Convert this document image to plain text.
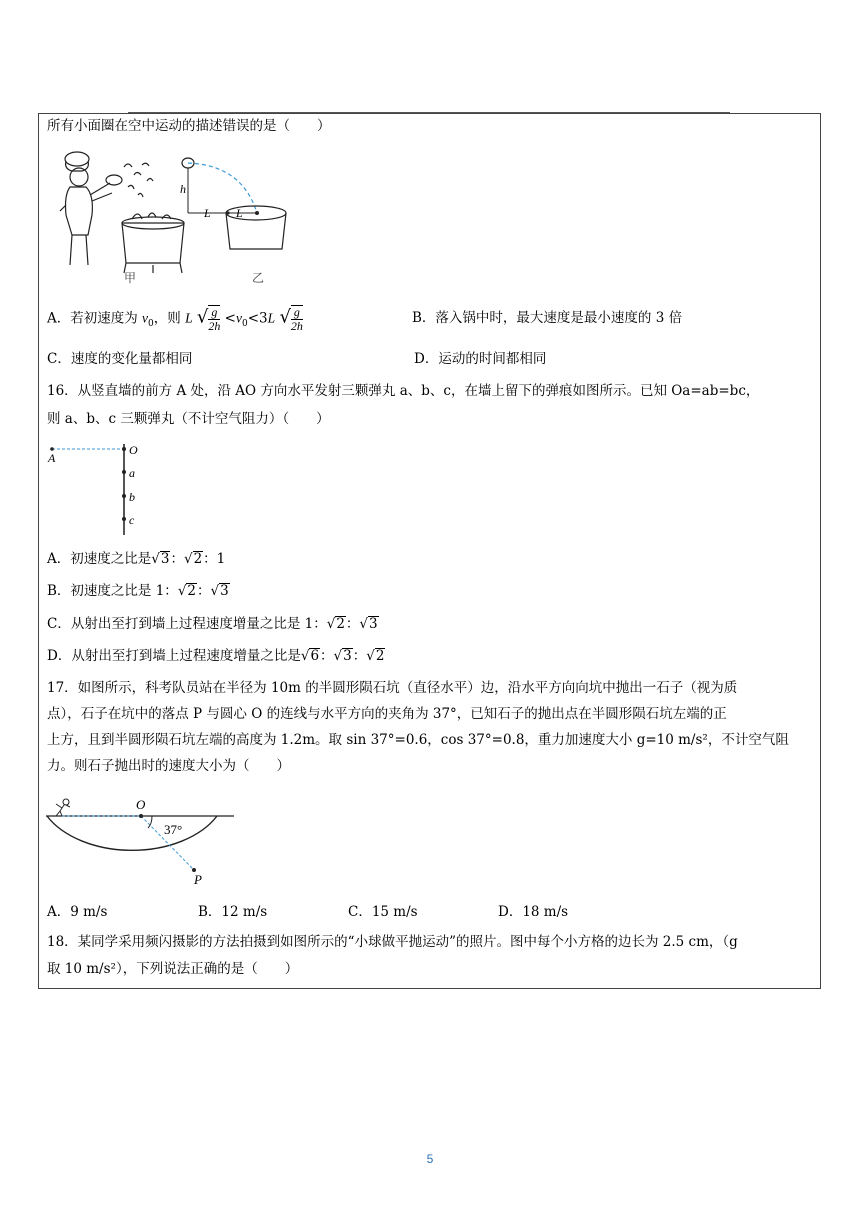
所有小面圈在空中运动的描述错误的是（　　）
h
L L
甲	乙
A．若初速度为 $v_0$，则 L √ $\frac{g}{2h} <v_0<3L$ √ $\frac{g}{2h}$	B．落入锅中时，最大速度是最小速度的 3 倍
C．速度的变化量都相同	D．运动的时间都相同
16．从竖直墙的前方 A 处，沿 AO 方向水平发射三颗弹丸 a、b、c，在墙上留下的弹痕如图所示。已知 Oa=ab=bc，
则 a、b、c 三颗弹丸（不计空气阻力）（　　）
A
O
a
b
c
A．初速度之比是√3：√2：1
B．初速度之比是 1：√2：√3
C．从射出至打到墙上过程速度增量之比是 1：√2：√3
D．从射出至打到墙上过程速度增量之比是√6：√3：√2
17．如图所示，科考队员站在半径为 10m 的半圆形陨石坑（直径水平）边，沿水平方向向坑中抛出一石子（视为质
点），石子在坑中的落点 P 与圆心 O 的连线与水平方向的夹角为 37°，已知石子的抛出点在半圆形陨石坑左端的正
上方，且到半圆形陨石坑左端的高度为 1.2m。取 sin 37°=0.6，cos 37°=0.8，重力加速度大小 g=10 m/s²，不计空气阻
力。则石子抛出时的速度大小为（　　）
O
P
37°
A．9 m/s	B．12 m/s	C．15 m/s	D．18 m/s
18．某同学采用频闪摄影的方法拍摄到如图所示的“小球做平抛运动”的照片。图中每个小方格的边长为 2.5 cm，（g
取 10 m/s²），下列说法正确的是（　　）
5
